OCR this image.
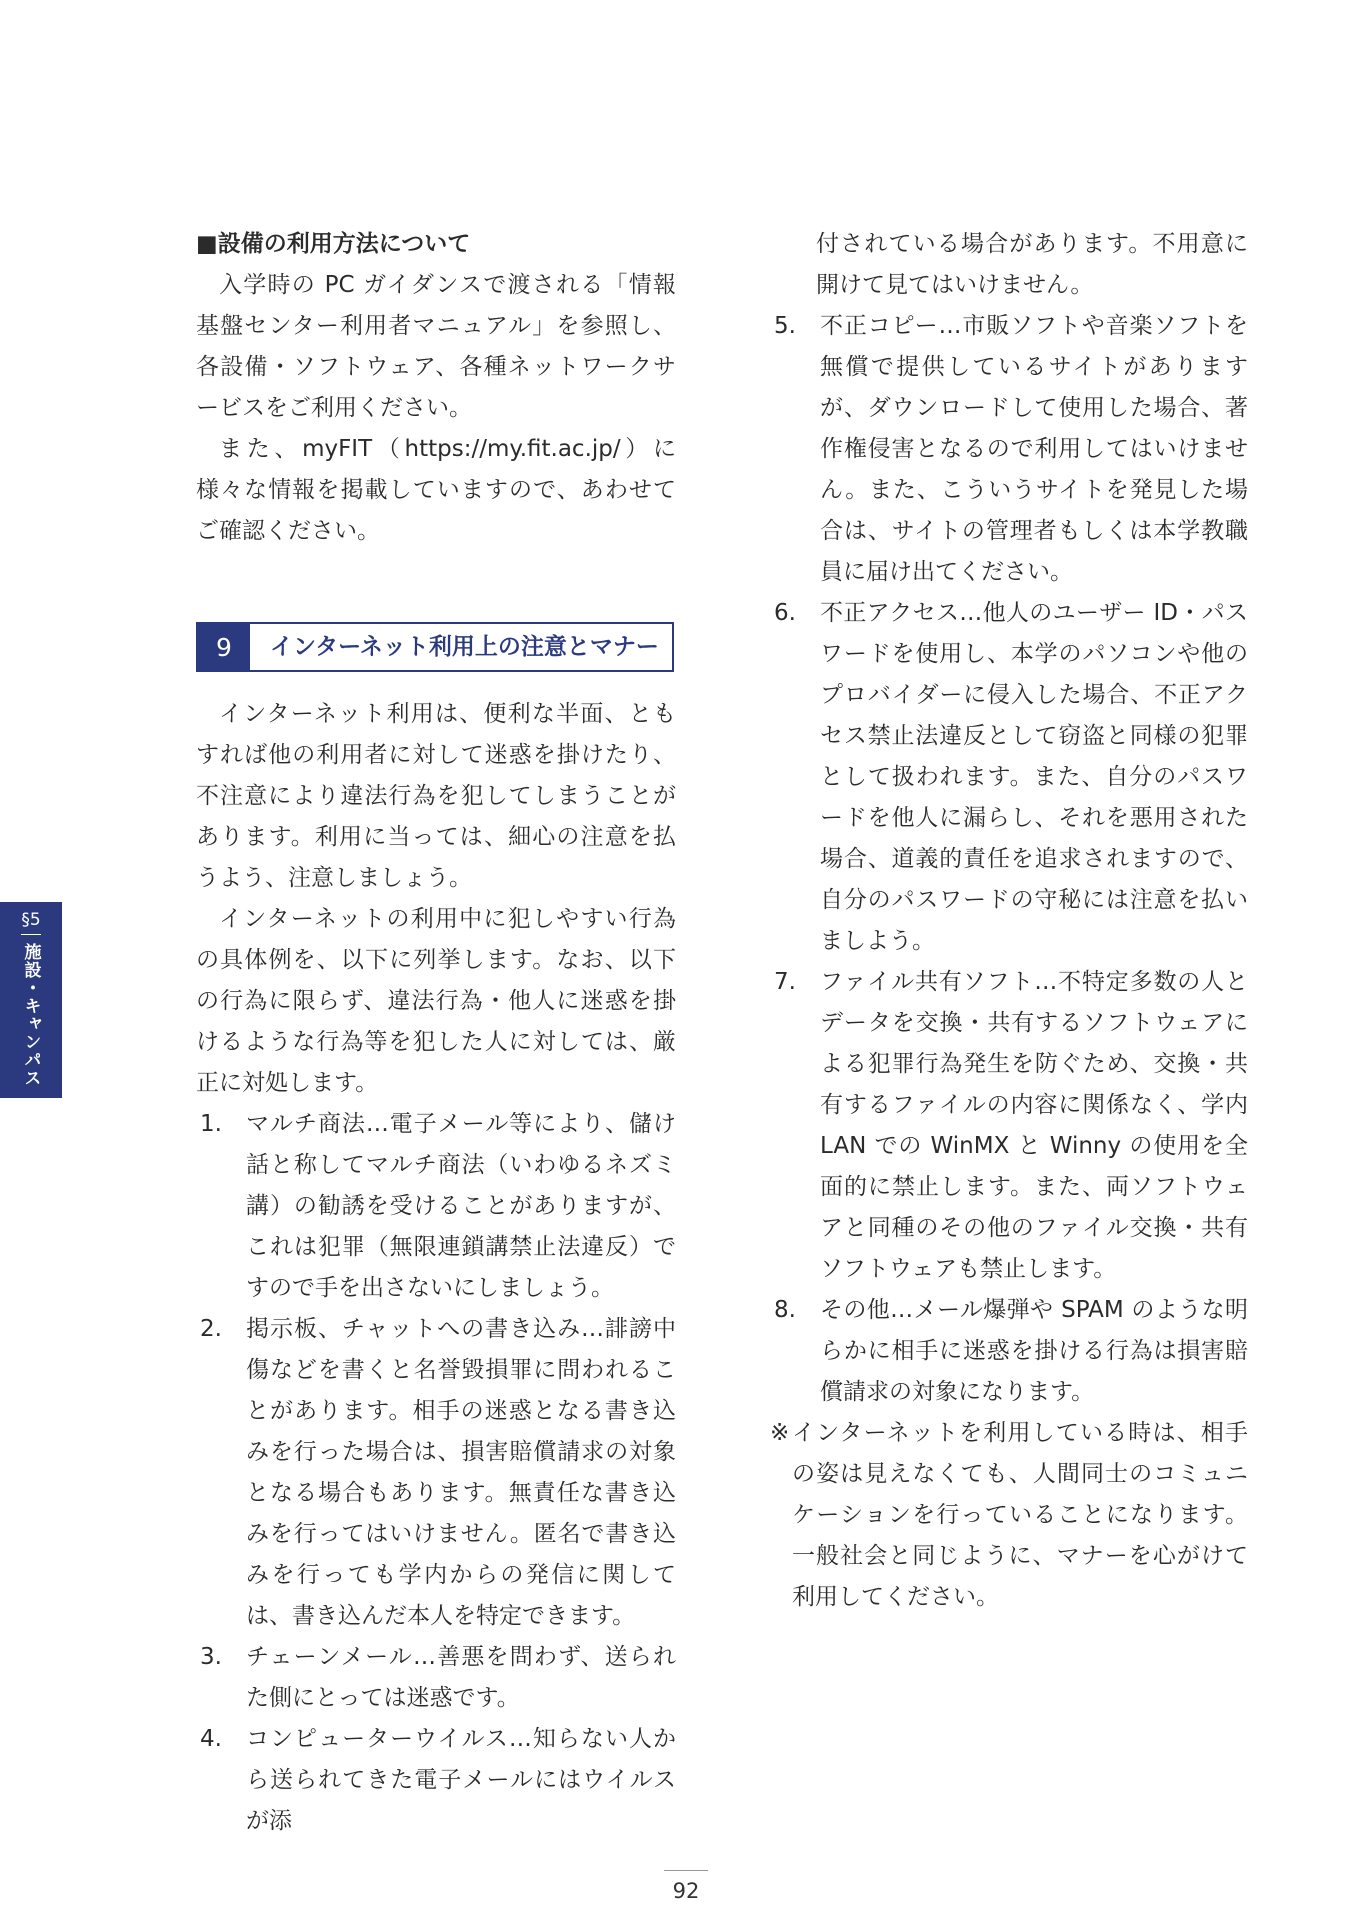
■設備の利用方法について

入学時の PC ガイダンスで渡される「情報基盤センター利用者マニュアル」を参照し、各設備・ソフトウェア、各種ネットワークサービスをご利用ください。

また、myFIT（https://my.fit.ac.jp/）に様々な情報を掲載していますので、あわせてご確認ください。

9	インターネット利用上の注意とマナー

インターネット利用は、便利な半面、ともすれば他の利用者に対して迷惑を掛けたり、不注意により違法行為を犯してしまうことがあります。利用に当っては、細心の注意を払うよう、注意しましょう。

インターネットの利用中に犯しやすい行為の具体例を、以下に列挙します。なお、以下の行為に限らず、違法行為・他人に迷惑を掛けるような行為等を犯した人に対しては、厳正に対処します。

1.	マルチ商法…電子メール等により、儲け話と称してマルチ商法（いわゆるネズミ講）の勧誘を受けることがありますが、これは犯罪（無限連鎖講禁止法違反）ですので手を出さないにしましょう。
2.	掲示板、チャットへの書き込み…誹謗中傷などを書くと名誉毀損罪に問われることがあります。相手の迷惑となる書き込みを行った場合は、損害賠償請求の対象となる場合もあります。無責任な書き込みを行ってはいけません。匿名で書き込みを行っても学内からの発信に関しては、書き込んだ本人を特定できます。
3.	チェーンメール…善悪を問わず、送られた側にとっては迷惑です。
4.	コンピューターウイルス…知らない人から送られてきた電子メールにはウイルスが添

付されている場合があります。不用意に開けて見てはいけません。

5.	不正コピー…市販ソフトや音楽ソフトを無償で提供しているサイトがありますが、ダウンロードして使用した場合、著作権侵害となるので利用してはいけません。また、こういうサイトを発見した場合は、サイトの管理者もしくは本学教職員に届け出てください。
6.	不正アクセス…他人のユーザー ID・パスワードを使用し、本学のパソコンや他のプロバイダーに侵入した場合、不正アクセス禁止法違反として窃盗と同様の犯罪として扱われます。また、自分のパスワードを他人に漏らし、それを悪用された場合、道義的責任を追求されますので、自分のパスワードの守秘には注意を払いましよう。
7.	ファイル共有ソフト…不特定多数の人とデータを交換・共有するソフトウェアによる犯罪行為発生を防ぐため、交換・共有するファイルの内容に関係なく、学内 LAN での WinMX と Winny の使用を全面的に禁止します。また、両ソフトウェアと同種のその他のファイル交換・共有ソフトウェアも禁止します。
8.	その他…メール爆弾や SPAM のような明らかに相手に迷惑を掛ける行為は損害賠償請求の対象になります。
※ インターネットを利用している時は、相手の姿は見えなくても、人間同士のコミュニケーションを行っていることになります。一般社会と同じように、マナーを心がけて利用してください。
§5
施設・キャンパス
92
